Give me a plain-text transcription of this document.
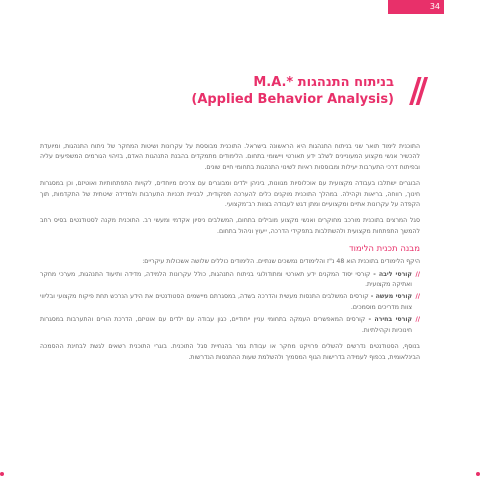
34
//
M.A.* בניתוח התנהגות
(Applied Behavior Analysis)

התוכנית לימוד תואר שני בניתוח התנהגות היא הראשונה בישראל. התוכנית מבוססת על עקרונות ושיטות המחקר של ניתוח התנהגות, ומיועדת להכשיר אנשי מקצוע המעוניינים לשלב ידע תאורטי ויישומי בתחום. הלימודים מתמקדים בהבנת התנהגות האדם, בזיהוי הגורמים המשפיעים עליה ובפיתוח דרכי התערבות יעילות ומבוססות ראיות לשינוי התנהגות בתחומי חיים שונים.

הבוגרים ישתלבו בעבודה מקצועית עם אוכלוסיות מגוונות, ביניהן ילדים ומבוגרים עם צרכים מיוחדים, לקויות התפתחותיות ואוטיזם, וכן במסגרות חינוך, רווחה, בריאות וקהילה. במהלך התוכנית מוקנים כלים להערכה תפקודית, לבניית תכניות התערבות ולמדידה שיטתית של התקדמות, תוך הקפדה על עקרונות אתיים ומקצועיים ומתן דגש לעבודה בצוות רב־מקצועי.

סגל המרצים בתוכנית מורכב מחוקרים ואנשי מקצוע מובילים בתחום, המשלבים ניסיון אקדמי ומעשי רב. התוכנית מקנה לסטודנטים בסיס רחב להמשך התפתחות מקצועית ולהשתלבות בתפקידי הדרכה, ייעוץ וניהול בתחום.

מבנה תכנית הלימוד

היקף הלימודים בתוכנית הוא 48 נ"ז והלימודים נמשכים שנתיים. הלימודים כוללים שלושה אשכולות עיקריים:

//
קורסי ליבה - קורסי יסוד המקנים ידע תאורטי ומתודולוגי בניתוח התנהגות, כולל עקרונות הלמידה, מדידה ותיעוד התנהגות, מערכי מחקר ואתיקה מקצועית.
//
קורסי מעשה - קורסים המשלבים התנסות מעשית והדרכה בשדה, במסגרתם מיישמים הסטודנטים את הידע הנרכש תחת פיקוח מקצועי ובליווי צוות מדריכים מוסמכים.
//
קורסי בחירה - קורסים המאפשרים העמקה בתחומי עניין ייחודיים, כגון עבודה עם ילדים עם אוטיזם, הדרכת הורים והתערבות במסגרות חינוכיות וקהילתיות.

בנוסף, הסטודנטים נדרשים להשלים פרויקט מחקר או עבודת גמר בהנחיית סגל התוכנית. בוגרי התוכנית רשאים לגשת לבחינת ההסמכה הבינלאומית, בכפוף לעמידה בדרישות הגוף המסמיך ולהשלמת שעות ההתנסות הנדרשות.
